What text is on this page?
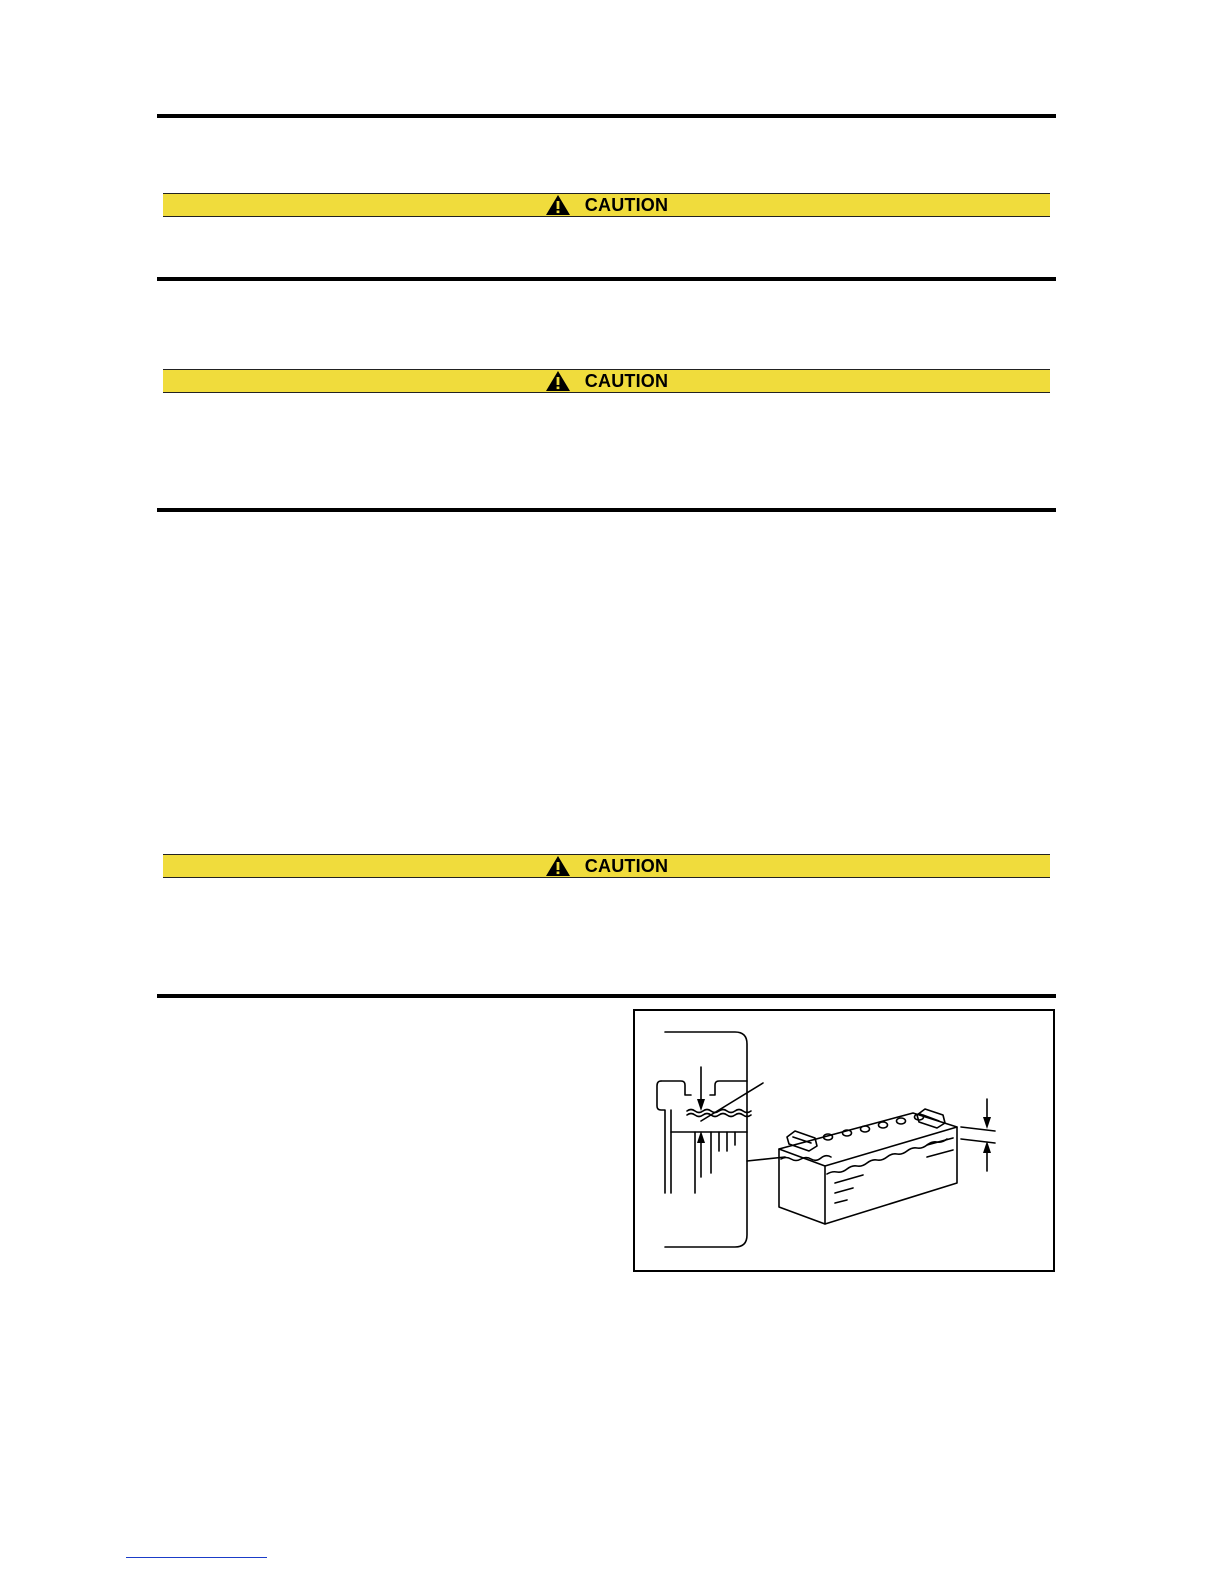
CAUTION
CAUTION
CAUTION
